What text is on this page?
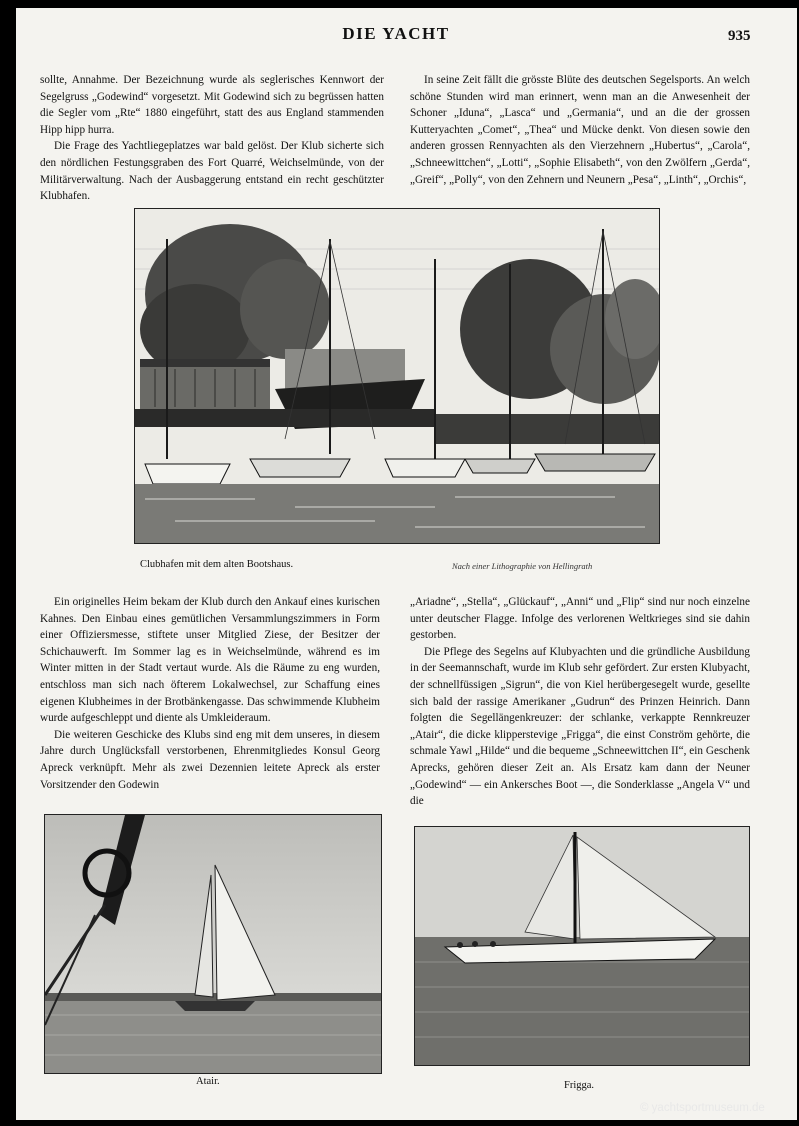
DIE YACHT	935

sollte, Annahme. Der Bezeichnung wurde als seglerisches Kennwort der Segelgruss „Godewind“ vorgesetzt. Mit Godewind sich zu begrüssen hatten die Segler vom „Rte“ 1880 eingeführt, statt des aus England stammenden Hipp hipp hurra.

Die Frage des Yachtliegeplatzes war bald gelöst. Der Klub sicherte sich den nördlichen Festungsgraben des Fort Quarré, Weichselmünde, von der Militärverwaltung. Nach der Ausbaggerung entstand ein recht geschützter Klubhafen.

In seine Zeit fällt die grösste Blüte des deutschen Segelsports. An welch schöne Stunden wird man erinnert, wenn man an die Anwesenheit der Schoner „Iduna“, „Lasca“ und „Germania“, und an die der grossen Kutteryachten „Comet“, „Thea“ und Mücke denkt. Von diesen sowie den anderen grossen Rennyachten als den Vierzehnern „Hubertus“, „Carola“, „Schneewittchen“, „Lotti“, „Sophie Elisabeth“, von den Zwölfern „Gerda“, „Greif“, „Polly“, von den Zehnern und Neunern „Pesa“, „Linth“, „Orchis“,

Clubhafen mit dem alten Bootshaus.	Nach einer Lithographie von Hellingrath

Ein originelles Heim bekam der Klub durch den Ankauf eines kurischen Kahnes. Den Einbau eines gemütlichen Versammlungszimmers in Form einer Offiziersmesse, stiftete unser Mitglied Ziese, der Besitzer der Schichauwerft. Im Sommer lag es in Weichselmünde, während es im Winter mitten in der Stadt vertaut wurde. Als die Räume zu eng wurden, entschloss man sich nach öfterem Lokalwechsel, zur Schaffung eines eigenen Klubheimes in der Brotbänkengasse. Das schwimmende Klubheim wurde aufgeschleppt und diente als Umkleideraum.

Die weiteren Geschicke des Klubs sind eng mit dem unseres, in diesem Jahre durch Unglücksfall verstorbenen, Ehrenmitgliedes Konsul Georg Apreck verknüpft. Mehr als zwei Dezennien leitete Apreck als erster Vorsitzender den Godewin

„Ariadne“, „Stella“, „Glückauf“, „Anni“ und „Flip“ sind nur noch einzelne unter deutscher Flagge. Infolge des verlorenen Weltkrieges sind sie dahin gestorben.

Die Pflege des Segelns auf Klubyachten und die gründliche Ausbildung in der Seemannschaft, wurde im Klub sehr gefördert. Zur ersten Klubyacht, der schnellfüssigen „Sigrun“, die von Kiel herübergesegelt wurde, gesellte sich bald der rassige Amerikaner „Gudrun“ des Prinzen Heinrich. Dann folgten die Segellängenkreuzer: der schlanke, verkappte Rennkreuzer „Atair“, die dicke klipperstevige „Frigga“, die einst Conström gehörte, die schmale Yawl „Hilde“ und die bequeme „Schneewittchen II“, ein Geschenk Aprecks, gehören dieser Zeit an. Als Ersatz kam dann der Neuner „Godewind“ — ein Ankersches Boot —, die Sonderklasse „Angela V“ und die

Atair.	Frigga.
© yachtsportmuseum.de
